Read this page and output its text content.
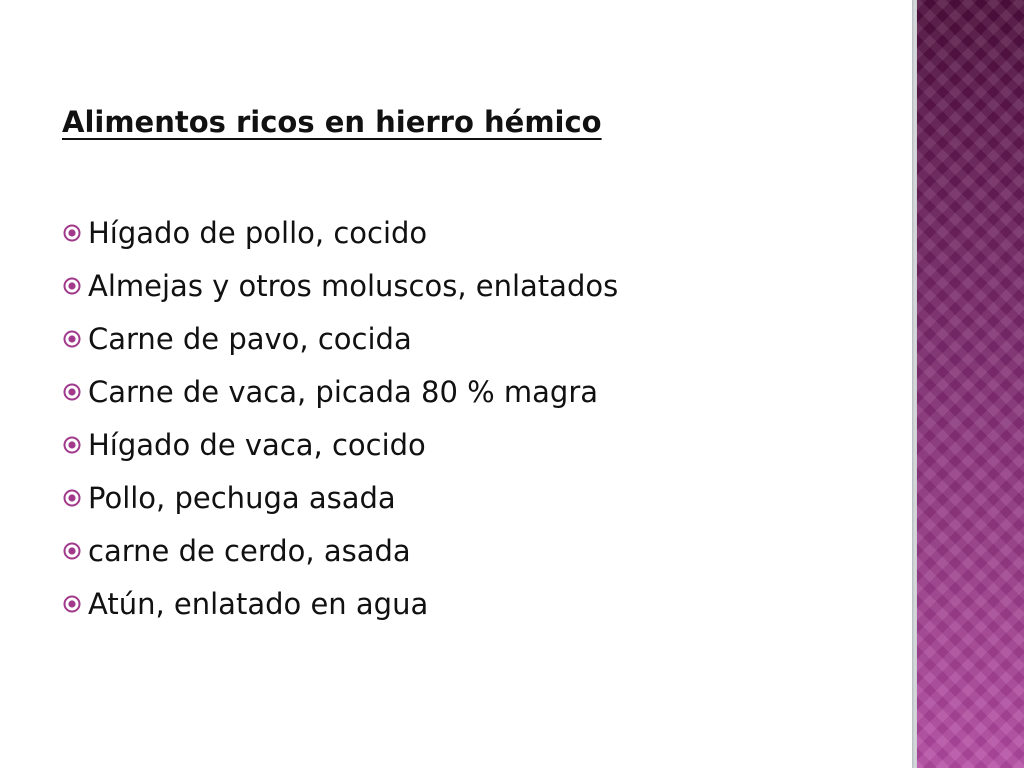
Alimentos ricos en hierro hémico
Hígado de pollo, cocido
Almejas y otros moluscos, enlatados
Carne de pavo, cocida
Carne de vaca, picada 80 % magra
Hígado de vaca, cocido
Pollo, pechuga asada
carne de cerdo, asada
Atún, enlatado en agua
